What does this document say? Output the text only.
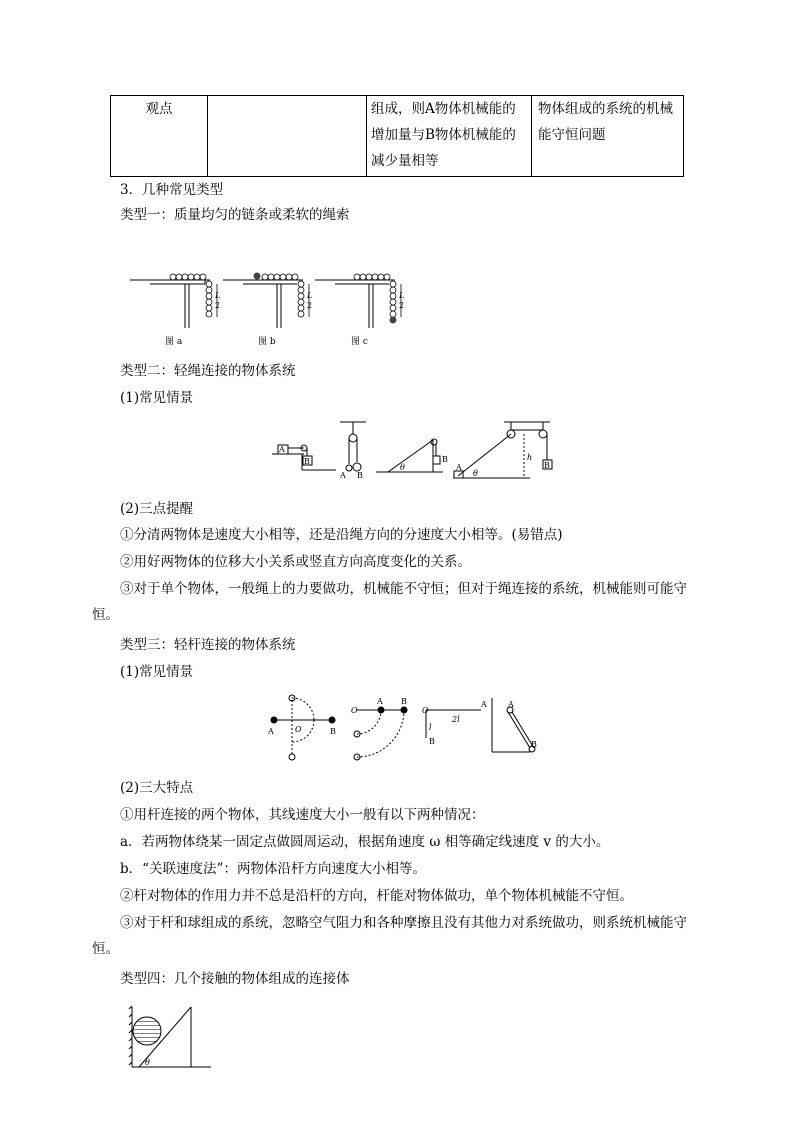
观点		组成，则A物体机械能的增加量与B物体机械能的减少量相等	物体组成的系统的机械能守恒问题
3．几种常见类型
类型一：质量均匀的链条或柔软的绳索
L
2
L
2
L
2
图 a	图 b	图 c
类型二：轻绳连接的物体系统
(1)常见情景
A
B
A B
θ
B
A
θ
h
B
(2)三点提醒
①分清两物体是速度大小相等，还是沿绳方向的分速度大小相等。(易错点)
②用好两物体的位移大小关系或竖直方向高度变化的关系。
③对于单个物体，一般绳上的力要做功，机械能不守恒；但对于绳连接的系统，机械能则可能守恒。
类型三：轻杆连接的物体系统
(1)常见情景
A	O	B
O
A B
O
2l
A
l
B
A
B
(2)三大特点
①用杆连接的两个物体，其线速度大小一般有以下两种情况：
a．若两物体绕某一固定点做圆周运动，根据角速度 ω 相等确定线速度 v 的大小。
b．“关联速度法”：两物体沿杆方向速度大小相等。
②杆对物体的作用力并不总是沿杆的方向，杆能对物体做功，单个物体机械能不守恒。
③对于杆和球组成的系统，忽略空气阻力和各种摩擦且没有其他力对系统做功，则系统机械能守恒。
类型四：几个接触的物体组成的连接体
θ
